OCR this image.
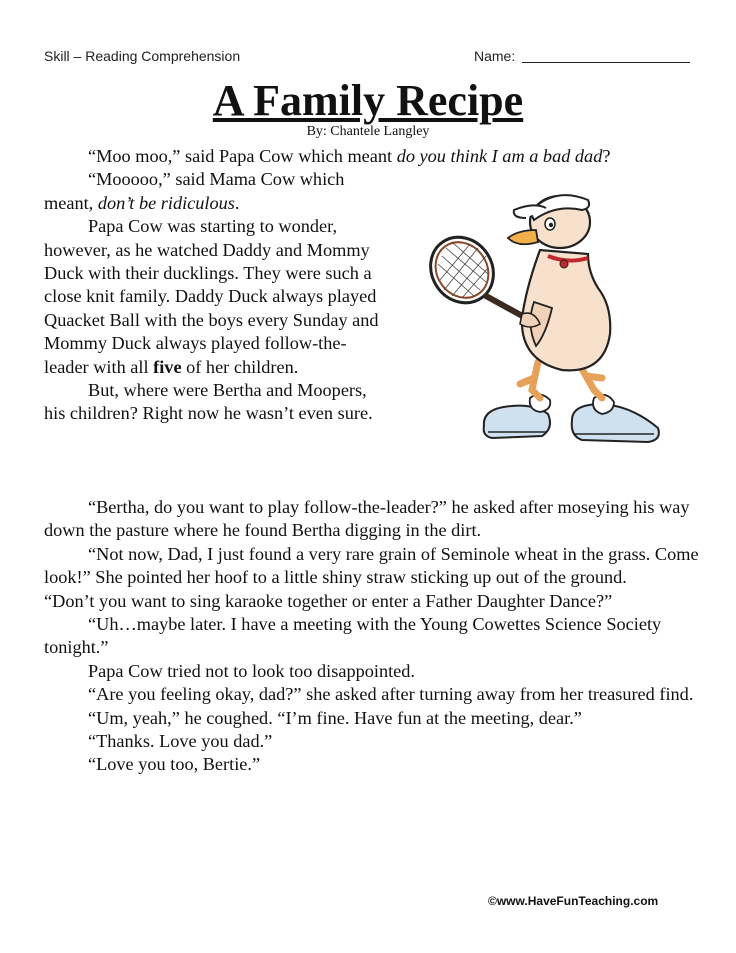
Skill – Reading Comprehension	Name:
A Family Recipe
By: Chantele Langley

“Moo moo,” said Papa Cow which meant do you think I am a bad dad?

“Mooooo,” said Mama Cow which meant, don’t be ridiculous.

Papa Cow was starting to wonder, however, as he watched Daddy and Mommy Duck with their ducklings. They were such a close knit family. Daddy Duck always played Quacket Ball with the boys every Sunday and Mommy Duck always played follow-the-leader with all five of her children.

But, where were Bertha and Moopers, his children? Right now he wasn’t even sure.

“Bertha, do you want to play follow-the-leader?” he asked after moseying his way down the pasture where he found Bertha digging in the dirt.

“Not now, Dad, I just found a very rare grain of Seminole wheat in the grass. Come look!” She pointed her hoof to a little shiny straw sticking up out of the ground.

“Don’t you want to sing karaoke together or enter a Father Daughter Dance?”

“Uh…maybe later. I have a meeting with the Young Cowettes Science Society tonight.”

Papa Cow tried not to look too disappointed.

“Are you feeling okay, dad?” she asked after turning away from her treasured find.

“Um, yeah,” he coughed. “I’m fine. Have fun at the meeting, dear.”

“Thanks. Love you dad.”

“Love you too, Bertie.”

©www.HaveFunTeaching.com
